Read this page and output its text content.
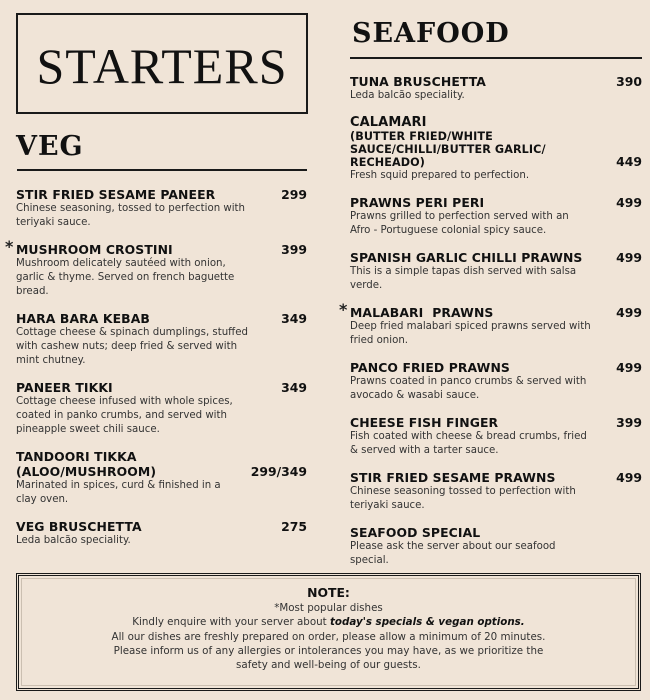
STARTERS
VEG
STIR FRIED SESAME PANEER	299
Chinese seasoning, tossed to perfection with teriyaki sauce.
* MUSHROOM CROSTINI	399
Mushroom delicately sautéed with onion, garlic & thyme. Served on french baguette bread.
HARA BARA KEBAB	349
Cottage cheese & spinach dumplings, stuffed with cashew nuts; deep fried & served with mint chutney.
PANEER TIKKI	349
Cottage cheese infused with whole spices, coated in panko crumbs, and served with pineapple sweet chili sauce.
TANDOORI TIKKA (ALOO/MUSHROOM)	299/349
Marinated in spices, curd & finished in a clay oven.
VEG BRUSCHETTA	275
Leda balcão speciality.
SEAFOOD
TUNA BRUSCHETTA	390
Leda balcão speciality.
CALAMARI
(BUTTER FRIED/WHITE SAUCE/CHILLI/BUTTER GARLIC/ RECHEADO)	449
Fresh squid prepared to perfection.
PRAWNS PERI PERI	499
Prawns grilled to perfection served with an Afro - Portuguese colonial spicy sauce.
SPANISH GARLIC CHILLI PRAWNS	499
This is a simple tapas dish served with salsa verde.
* MALABARI  PRAWNS	499
Deep fried malabari spiced prawns served with fried onion.
PANCO FRIED PRAWNS	499
Prawns coated in panco crumbs & served with avocado & wasabi sauce.
CHEESE FISH FINGER	399
Fish coated with cheese & bread crumbs, fried & served with a tarter sauce.
STIR FRIED SESAME PRAWNS	499
Chinese seasoning tossed to perfection with teriyaki sauce.
SEAFOOD SPECIAL
Please ask the server about our seafood special.
NOTE:
*Most popular dishes
Kindly enquire with your server about today's specials & vegan options.
All our dishes are freshly prepared on order, please allow a minimum of 20 minutes.
Please inform us of any allergies or intolerances you may have, as we prioritize the
safety and well-being of our guests.
